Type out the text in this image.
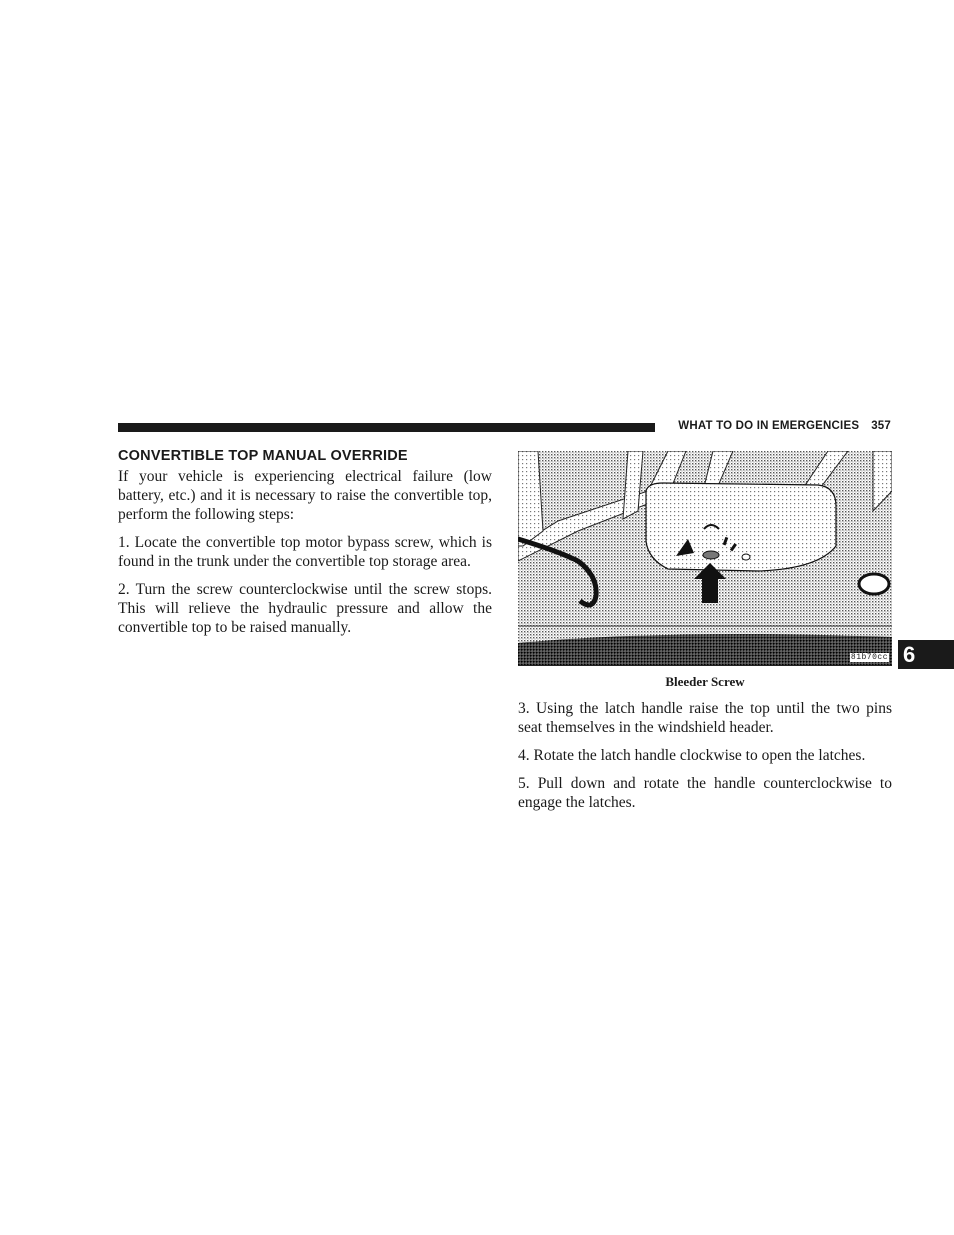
WHAT TO DO IN EMERGENCIES 357
CONVERTIBLE TOP MANUAL OVERRIDE

If your vehicle is experiencing electrical failure (low battery, etc.) and it is necessary to raise the convertible top, perform the following steps:

1. Locate the convertible top motor bypass screw, which is found in the trunk under the convertible top storage area.

2. Turn the screw counterclockwise until the screw stops. This will relieve the hydraulic pressure and allow the convertible top to be raised manually.

81b70cc
Bleeder Screw

3. Using the latch handle raise the top until the two pins seat themselves in the windshield header.

4. Rotate the latch handle clockwise to open the latches.

5. Pull down and rotate the handle counterclockwise to engage the latches.

6
